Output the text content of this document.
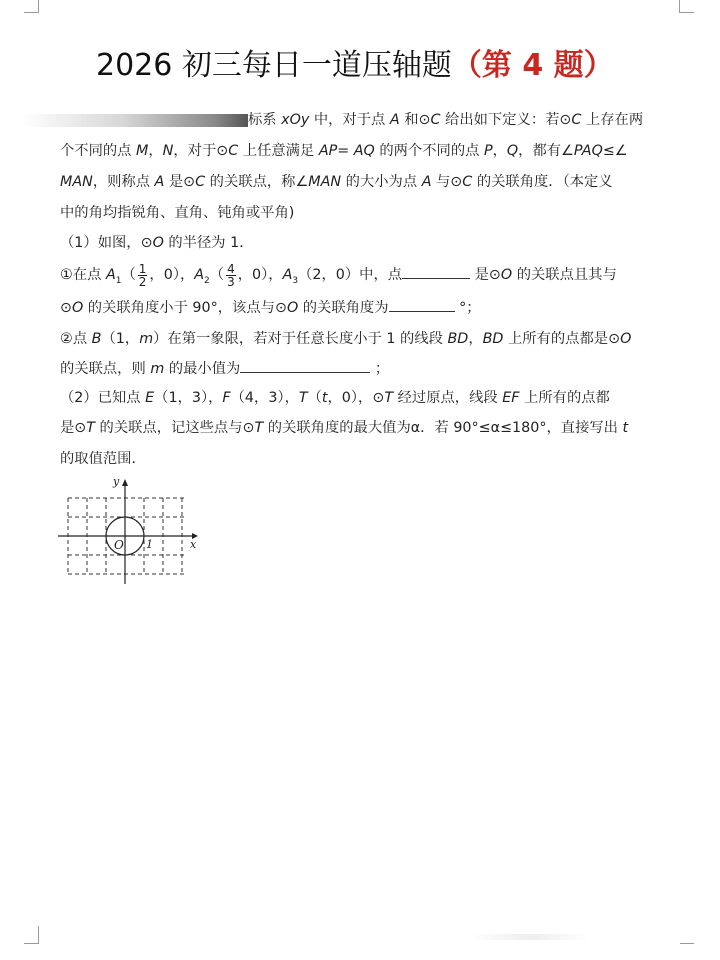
2026 初三每日一道压轴题（第 4 题）
标系 xOy 中，对于点 A 和⊙C 给出如下定义：若⊙C 上存在两
个不同的点 M，N，对于⊙C 上任意满足 AP= AQ 的两个不同的点 P，Q，都有∠PAQ≤∠
MAN，则称点 A 是⊙C 的关联点，称∠MAN 的大小为点 A 与⊙C 的关联角度．（本定义
中的角均指锐角、直角、钝角或平角)
（1）如图，⊙O 的半径为 1．
①在点 $A_1( \frac{1}{2}$ ，0），$A_2( \frac{4}{3}$ ，0），$A_3(2$，0）中，点	是⊙O 的关联点且其与
⊙O 的关联角度小于 90°，该点与⊙O 的关联角度为	°；
②点 B（1，m）在第一象限，若对于任意长度小于 1 的线段 BD，BD 上所有的点都是⊙O
的关联点，则 m 的最小值为	；
（2）已知点 E（1，3），F（4，3），T（t，0），⊙T 经过原点，线段 EF 上所有的点都
是⊙T 的关联点，记这些点与⊙T 的关联角度的最大值为α．若 90°≤α≤180°，直接写出 t
的取值范围．
y
x
O 1
